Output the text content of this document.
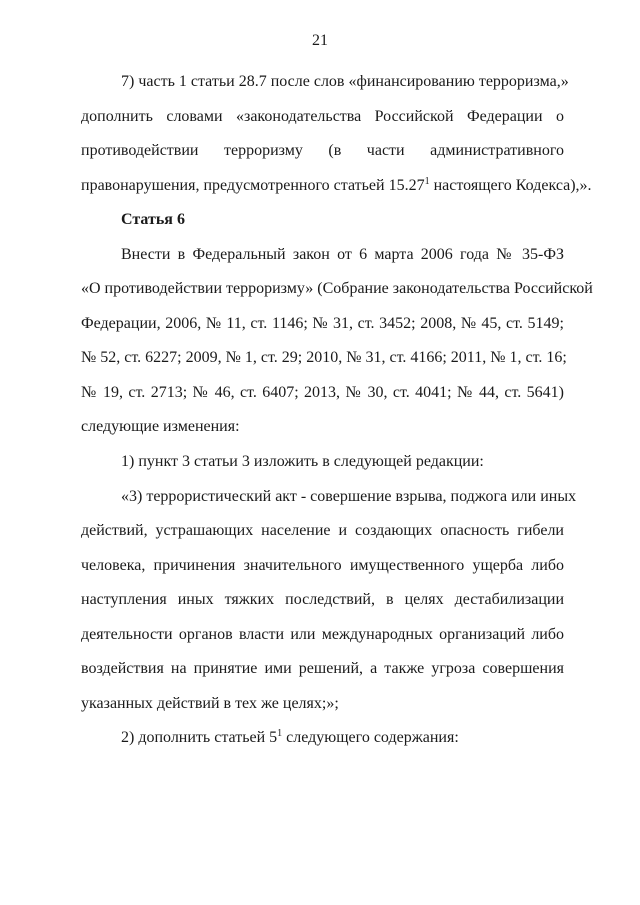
21
7) часть 1 статьи 28.7 после слов «финансированию терроризма,»
дополнить словами «законодательства Российской Федерации о
противодействии терроризму (в части административного
правонарушения, предусмотренного статьей 15.27$^1$ настоящего Кодекса),».
Статья 6
Внести в Федеральный закон от 6 марта 2006 года № 35-ФЗ
«О противодействии терроризму» (Собрание законодательства Российской
Федерации, 2006, № 11, ст. 1146; № 31, ст. 3452; 2008, № 45, ст. 5149;
№ 52, ст. 6227; 2009, № 1, ст. 29; 2010, № 31, ст. 4166; 2011, № 1, ст. 16;
№ 19, ст. 2713; № 46, ст. 6407; 2013, № 30, ст. 4041; № 44, ст. 5641)
следующие изменения:
1) пункт 3 статьи 3 изложить в следующей редакции:
«3) террористический акт - совершение взрыва, поджога или иных
действий, устрашающих население и создающих опасность гибели
человека, причинения значительного имущественного ущерба либо
наступления иных тяжких последствий, в целях дестабилизации
деятельности органов власти или международных организаций либо
воздействия на принятие ими решений, а также угроза совершения
указанных действий в тех же целях;»;
2) дополнить статьей $5^1$ следующего содержания:
